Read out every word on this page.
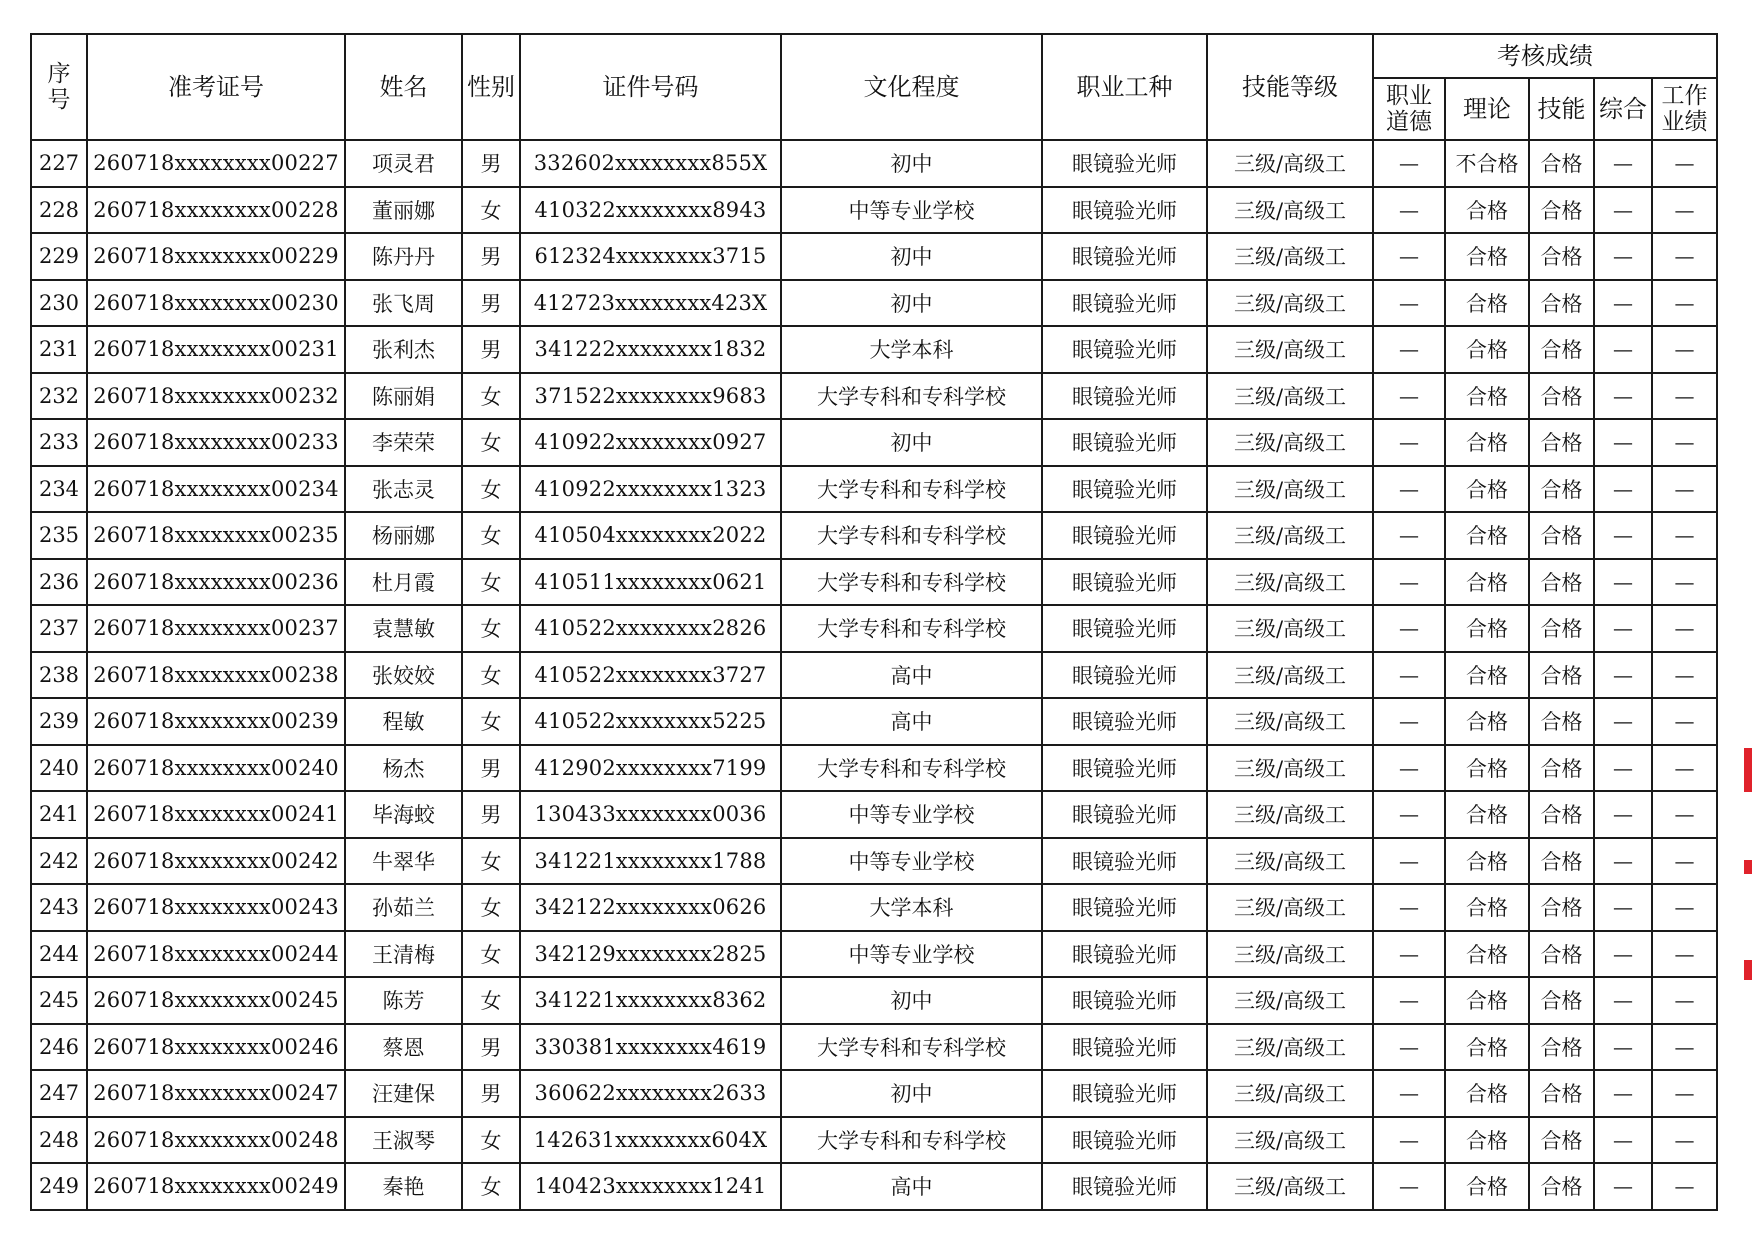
序号	准考证号	姓名	性别	证件号码	文化程度	职业工种	技能等级	考核成绩				
								职业道德	理论	技能	综合	工作业绩
227	260718xxxxxxxx00227	项灵君	男	332602xxxxxxxx855X	初中	眼镜验光师	三级/高级工	—	不合格	合格	—	—
228	260718xxxxxxxx00228	董丽娜	女	410322xxxxxxxx8943	中等专业学校	眼镜验光师	三级/高级工	—	合格	合格	—	—
229	260718xxxxxxxx00229	陈丹丹	男	612324xxxxxxxx3715	初中	眼镜验光师	三级/高级工	—	合格	合格	—	—
230	260718xxxxxxxx00230	张飞周	男	412723xxxxxxxx423X	初中	眼镜验光师	三级/高级工	—	合格	合格	—	—
231	260718xxxxxxxx00231	张利杰	男	341222xxxxxxxx1832	大学本科	眼镜验光师	三级/高级工	—	合格	合格	—	—
232	260718xxxxxxxx00232	陈丽娟	女	371522xxxxxxxx9683	大学专科和专科学校	眼镜验光师	三级/高级工	—	合格	合格	—	—
233	260718xxxxxxxx00233	李荣荣	女	410922xxxxxxxx0927	初中	眼镜验光师	三级/高级工	—	合格	合格	—	—
234	260718xxxxxxxx00234	张志灵	女	410922xxxxxxxx1323	大学专科和专科学校	眼镜验光师	三级/高级工	—	合格	合格	—	—
235	260718xxxxxxxx00235	杨丽娜	女	410504xxxxxxxx2022	大学专科和专科学校	眼镜验光师	三级/高级工	—	合格	合格	—	—
236	260718xxxxxxxx00236	杜月霞	女	410511xxxxxxxx0621	大学专科和专科学校	眼镜验光师	三级/高级工	—	合格	合格	—	—
237	260718xxxxxxxx00237	袁慧敏	女	410522xxxxxxxx2826	大学专科和专科学校	眼镜验光师	三级/高级工	—	合格	合格	—	—
238	260718xxxxxxxx00238	张姣姣	女	410522xxxxxxxx3727	高中	眼镜验光师	三级/高级工	—	合格	合格	—	—
239	260718xxxxxxxx00239	程敏	女	410522xxxxxxxx5225	高中	眼镜验光师	三级/高级工	—	合格	合格	—	—
240	260718xxxxxxxx00240	杨杰	男	412902xxxxxxxx7199	大学专科和专科学校	眼镜验光师	三级/高级工	—	合格	合格	—	—
241	260718xxxxxxxx00241	毕海蛟	男	130433xxxxxxxx0036	中等专业学校	眼镜验光师	三级/高级工	—	合格	合格	—	—
242	260718xxxxxxxx00242	牛翠华	女	341221xxxxxxxx1788	中等专业学校	眼镜验光师	三级/高级工	—	合格	合格	—	—
243	260718xxxxxxxx00243	孙茹兰	女	342122xxxxxxxx0626	大学本科	眼镜验光师	三级/高级工	—	合格	合格	—	—
244	260718xxxxxxxx00244	王清梅	女	342129xxxxxxxx2825	中等专业学校	眼镜验光师	三级/高级工	—	合格	合格	—	—
245	260718xxxxxxxx00245	陈芳	女	341221xxxxxxxx8362	初中	眼镜验光师	三级/高级工	—	合格	合格	—	—
246	260718xxxxxxxx00246	蔡恩	男	330381xxxxxxxx4619	大学专科和专科学校	眼镜验光师	三级/高级工	—	合格	合格	—	—
247	260718xxxxxxxx00247	汪建保	男	360622xxxxxxxx2633	初中	眼镜验光师	三级/高级工	—	合格	合格	—	—
248	260718xxxxxxxx00248	王淑琴	女	142631xxxxxxxx604X	大学专科和专科学校	眼镜验光师	三级/高级工	—	合格	合格	—	—
249	260718xxxxxxxx00249	秦艳	女	140423xxxxxxxx1241	高中	眼镜验光师	三级/高级工	—	合格	合格	—	—
